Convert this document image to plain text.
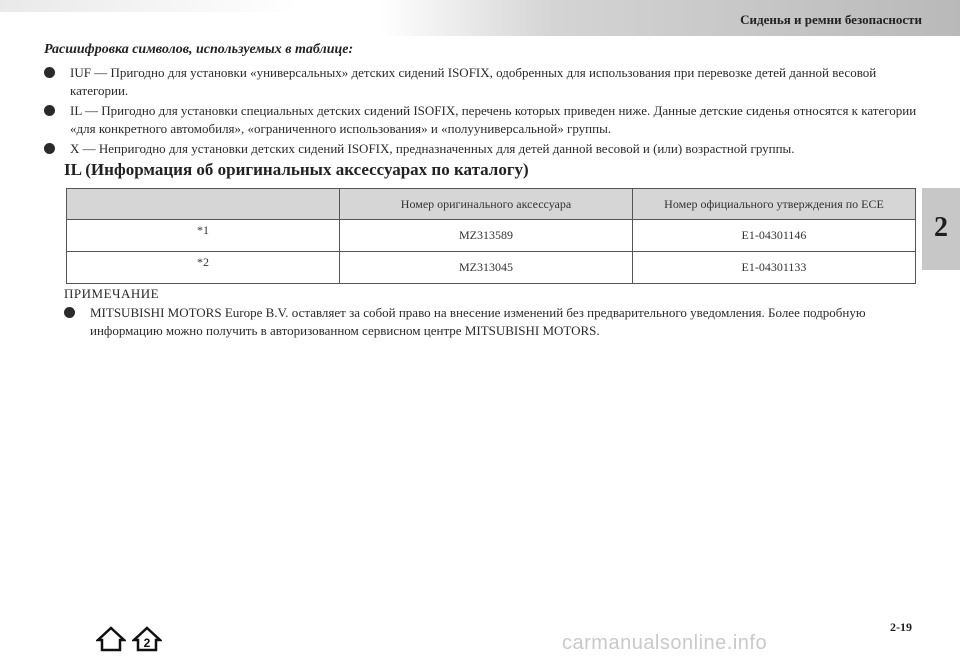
Сиденья и ремни безопасности
2
Расшифровка символов, используемых в таблице:
IUF — Пригодно для установки «универсальных» детских сидений ISOFIX, одобренных для использования при перевозке детей данной весовой категории.
IL — Пригодно для установки специальных детских сидений ISOFIX, перечень которых приведен ниже. Данные детские сиденья относятся к категории «для конкретного автомобиля», «ограниченного использования» и «полууниверсальной» группы.
X — Непригодно для установки детских сидений ISOFIX, предназначенных для детей данной весовой и (или) возрастной группы.
IL (Информация об оригинальных аксессуарах по каталогу)
	Номер оригинального аксессуара	Номер официального утверждения по ECE
*1	MZ313589	E1-04301146
*2	MZ313045	E1-04301133
ПРИМЕЧАНИЕ
MITSUBISHI MOTORS Europe B.V. оставляет за собой право на внесение изменений без предварительного уведомления. Более подробную информацию можно получить в авторизованном сервисном центре MITSUBISHI MOTORS.
2
2-19
carmanualsonline.info
